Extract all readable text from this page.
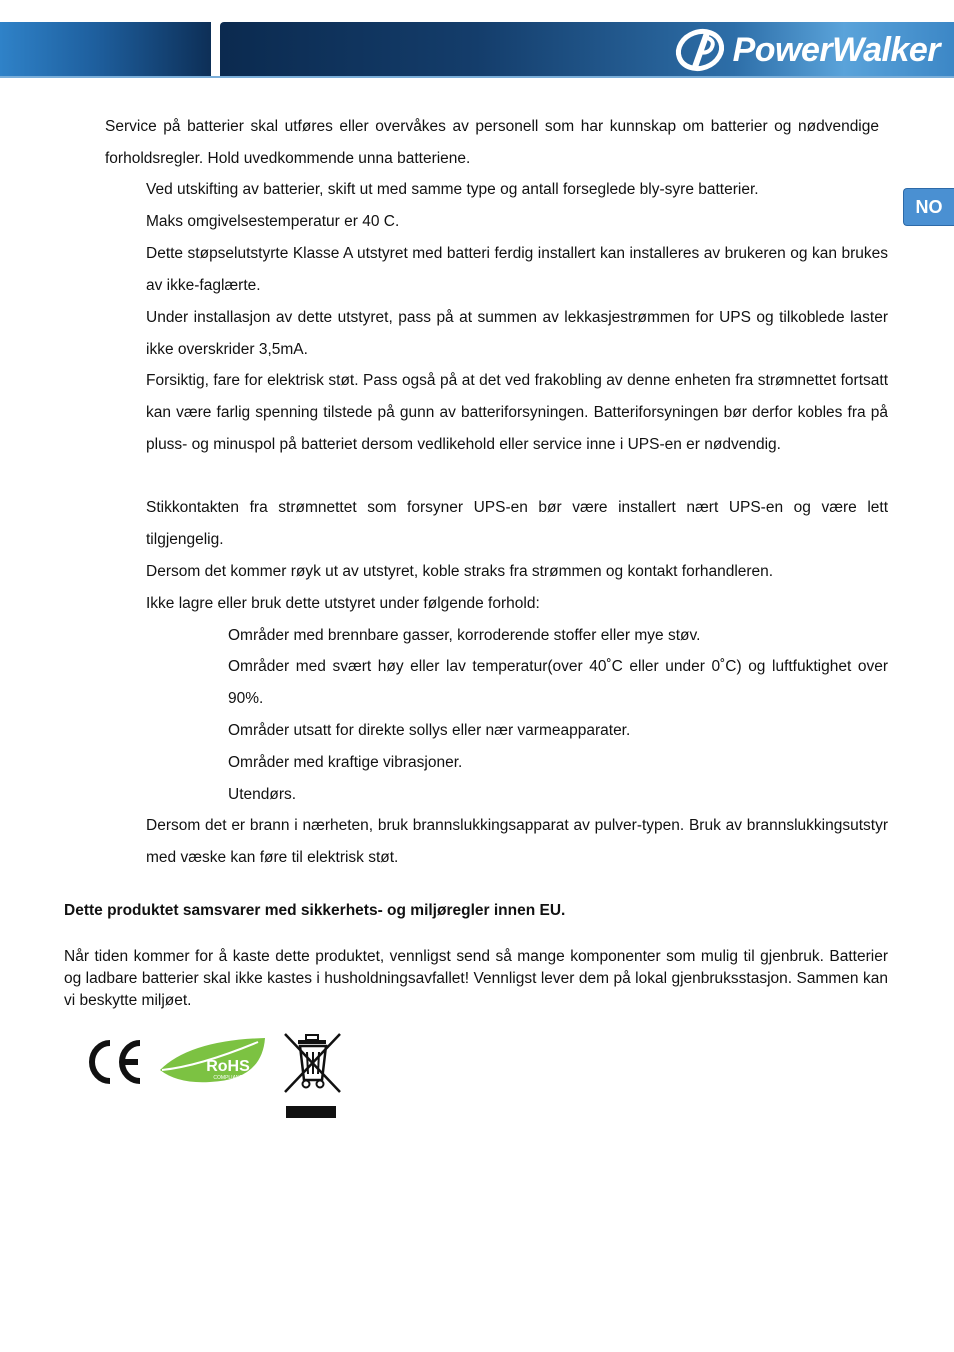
PowerWalker
NO

Service på batterier skal utføres eller overvåkes av personell som har kunnskap om batterier og nødvendige forholdsregler. Hold uvedkommende unna batteriene.

Ved utskifting av batterier, skift ut med samme type og antall forseglede bly-syre batterier.

Maks omgivelsestemperatur er 40 C.

Dette støpselutstyrte Klasse A utstyret med batteri ferdig installert kan installeres av brukeren og kan brukes av ikke-faglærte.

Under installasjon av dette utstyret, pass på at summen av lekkasjestrømmen for UPS og tilkoblede laster ikke overskrider 3,5mA.

Forsiktig, fare for elektrisk støt. Pass også på at det ved frakobling av denne enheten fra strømnettet fortsatt kan være farlig spenning tilstede på gunn av batteriforsyningen. Batteriforsyningen bør derfor kobles fra på pluss- og minuspol på batteriet dersom vedlikehold eller service inne i UPS-en er nødvendig.

Stikkontakten fra strømnettet som forsyner UPS-en bør være installert nært UPS-en og være lett tilgjengelig.

Dersom det kommer røyk ut av utstyret, koble straks fra strømmen og kontakt forhandleren.

Ikke lagre eller bruk dette utstyret under følgende forhold:

Områder med brennbare gasser, korroderende stoffer eller mye støv.

Områder med svært høy eller lav temperatur(over 40˚C eller under 0˚C) og luftfuktighet over 90%.

Områder utsatt for direkte sollys eller nær varmeapparater.

Områder med kraftige vibrasjoner.

Utendørs.

Dersom det er brann i nærheten, bruk brannslukkingsapparat av pulver-typen. Bruk av brannslukkingsutstyr med væske kan føre til elektrisk støt.

Dette produktet samsvarer med sikkerhets- og miljøregler innen EU.
Når tiden kommer for å kaste dette produktet, vennligst send så mange komponenter som mulig til gjenbruk. Batterier og ladbare batterier skal ikke kastes i husholdningsavfallet! Vennligst lever dem på lokal gjenbruksstasjon. Sammen kan vi beskytte miljøet.
RoHS
COMPLIANT
